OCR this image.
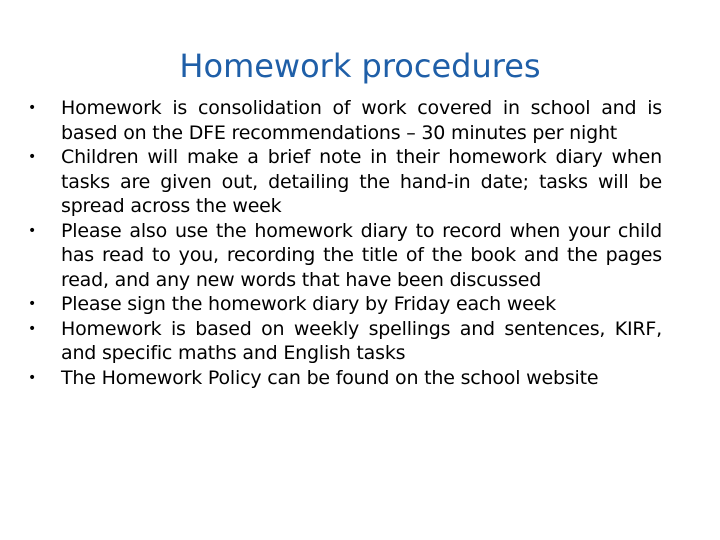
Homework procedures
• Homework is consolidation of work covered in school and is based on the DFE recommendations – 30 minutes per night
• Children will make a brief note in their homework diary when tasks are given out, detailing the hand-in date; tasks will be spread across the week
• Please also use the homework diary to record when your child has read to you, recording the title of the book and the pages read, and any new words that have been discussed
• Please sign the homework diary by Friday each week
• Homework is based on weekly spellings and sentences, KIRF, and specific maths and English tasks
• The Homework Policy can be found on the school website
